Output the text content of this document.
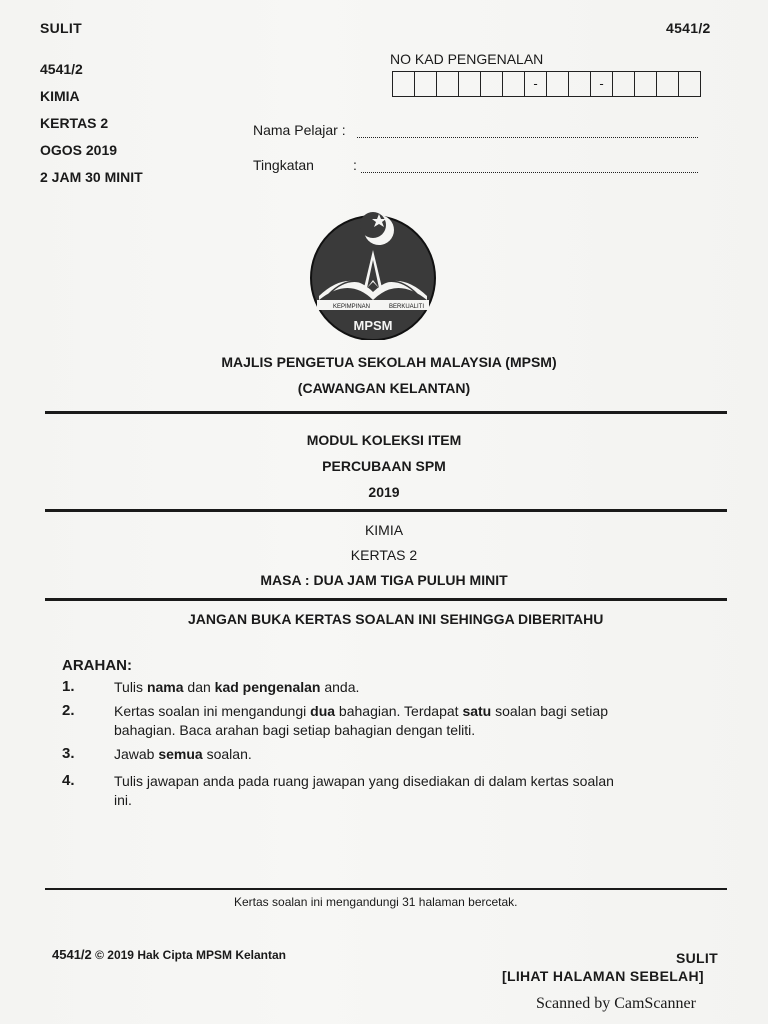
SULIT	4541/2
4541/2
KIMIA
KERTAS 2
OGOS 2019
2 JAM 30 MINIT
NO KAD PENGENALAN
-	-
Nama Pelajar :
Tingkatan	:
KEPIMPINAN	BERKUALITI
MPSM
MAJLIS PENGETUA SEKOLAH MALAYSIA (MPSM)
(CAWANGAN KELANTAN)
MODUL KOLEKSI ITEM
PERCUBAAN SPM
2019
KIMIA
KERTAS 2
MASA : DUA JAM TIGA PULUH MINIT
JANGAN BUKA KERTAS SOALAN INI SEHINGGA DIBERITAHU
ARAHAN:
1.	Tulis nama dan kad pengenalan anda.
2.	Kertas soalan ini mengandungi dua bahagian. Terdapat satu soalan bagi setiap bahagian. Baca arahan bagi setiap bahagian dengan teliti.
3.	Jawab semua soalan.
4.	Tulis jawapan anda pada ruang jawapan yang disediakan di dalam kertas soalan ini.
Kertas soalan ini mengandungi 31 halaman bercetak.
4541/2 © 2019 Hak Cipta MPSM Kelantan	SULIT
[LIHAT HALAMAN SEBELAH]
Scanned by CamScanner
